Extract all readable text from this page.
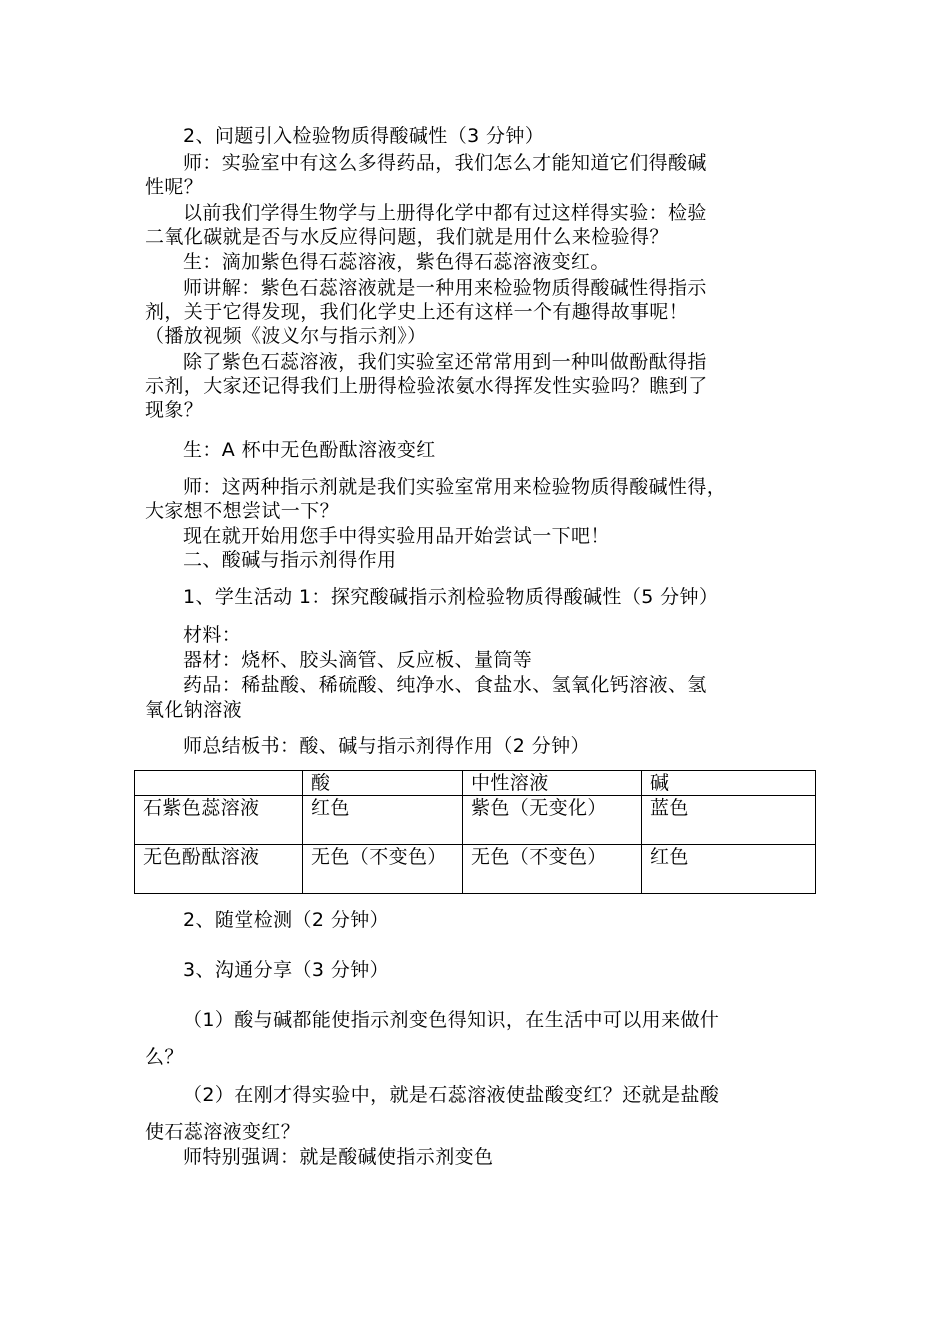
2、问题引入检验物质得酸碱性（3 分钟）
师：实验室中有这么多得药品，我们怎么才能知道它们得酸碱
性呢？
以前我们学得生物学与上册得化学中都有过这样得实验：检验
二氧化碳就是否与水反应得问题，我们就是用什么来检验得？
生：滴加紫色得石蕊溶液，紫色得石蕊溶液变红。
师讲解：紫色石蕊溶液就是一种用来检验物质得酸碱性得指示
剂，关于它得发现，我们化学史上还有这样一个有趣得故事呢！
（播放视频《波义尔与指示剂》）
除了紫色石蕊溶液，我们实验室还常常用到一种叫做酚酞得指
示剂，大家还记得我们上册得检验浓氨水得挥发性实验吗？瞧到了
现象？
生：A 杯中无色酚酞溶液变红
师：这两种指示剂就是我们实验室常用来检验物质得酸碱性得，
大家想不想尝试一下？
现在就开始用您手中得实验用品开始尝试一下吧！
二、酸碱与指示剂得作用
1、学生活动 1：探究酸碱指示剂检验物质得酸碱性（5 分钟）
材料：
器材：烧杯、胶头滴管、反应板、量筒等
药品：稀盐酸、稀硫酸、纯净水、食盐水、氢氧化钙溶液、氢
氧化钠溶液
师总结板书：酸、碱与指示剂得作用（2 分钟）
	酸	中性溶液	碱
石紫色蕊溶液	红色	紫色（无变化）	蓝色
无色酚酞溶液	无色（不变色）	无色（不变色）	红色
2、随堂检测（2 分钟）
3、沟通分享（3 分钟）
（1）酸与碱都能使指示剂变色得知识，在生活中可以用来做什
么？
（2）在刚才得实验中，就是石蕊溶液使盐酸变红？还就是盐酸
使石蕊溶液变红？
师特别强调：就是酸碱使指示剂变色
